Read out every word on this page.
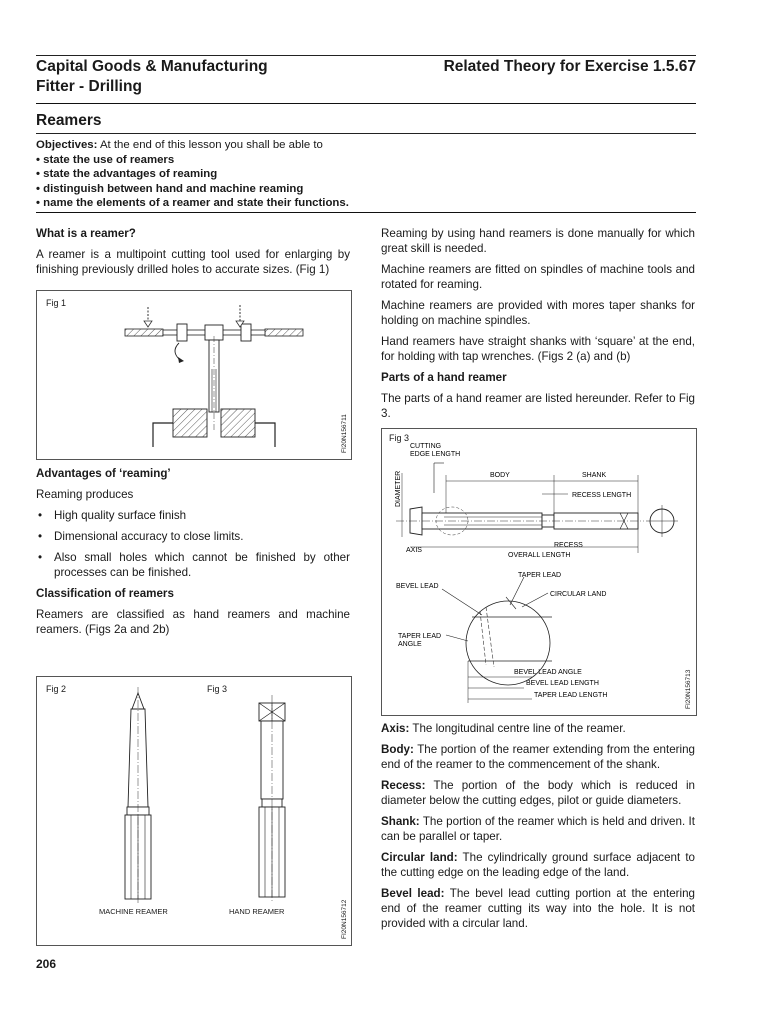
Capital Goods & Manufacturing
Fitter - Drilling
Related Theory for Exercise 1.5.67
Reamers
Objectives: At the end of this lesson you shall be able to
• state the use of reamers
• state the advantages of reaming
• distinguish between hand and machine reaming
• name the elements of a reamer and state their functions.
What is a reamer?

A reamer is a multipoint cutting tool used for enlarging by finishing previously drilled holes to accurate sizes. (Fig 1)

Fig 1
FI20N156711
Advantages of ‘reaming’

Reaming produces

• High quality surface finish
• Dimensional accuracy to close limits.
• Also small holes which cannot be finished by other processes can be finished.
Classification of reamers

Reamers are classified as hand reamers and machine reamers. (Figs 2a and 2b)

Fig 2	Fig 3
MACHINE REAMER	HAND REAMER	FI20N156712

Reaming by using hand reamers is done manually for which great skill is needed.

Machine reamers are fitted on spindles of machine tools and rotated for reaming.

Machine reamers are provided with mores taper shanks for holding on machine spindles.

Hand reamers have straight shanks with ‘square’ at the end, for holding with tap wrenches. (Figs 2 (a) and (b)

Parts of a hand reamer

The parts of a hand reamer are listed hereunder. Refer to Fig 3.

Fig 3
FI20N156713
CUTTING
EDGE LENGTH
BODY	SHANK
DIAMETER	RECESS LENGTH
RECESS
AXIS
OVERALL LENGTH
TAPER LEAD
BEVEL LEAD
CIRCULAR LAND
TAPER LEAD
ANGLE
BEVEL LEAD ANGLE
BEVEL LEAD LENGTH
TAPER LEAD LENGTH

Axis: The longitudinal centre line of the reamer.

Body: The portion of the reamer extending from the entering end of the reamer to the commencement of the shank.

Recess: The portion of the body which is reduced in diameter below the cutting edges, pilot or guide diameters.

Shank: The portion of the reamer which is held and driven. It can be parallel or taper.

Circular land: The cylindrically ground surface adjacent to the cutting edge on the leading edge of the land.

Bevel lead: The bevel lead cutting portion at the entering end of the reamer cutting its way into the hole. It is not provided with a circular land.

206
